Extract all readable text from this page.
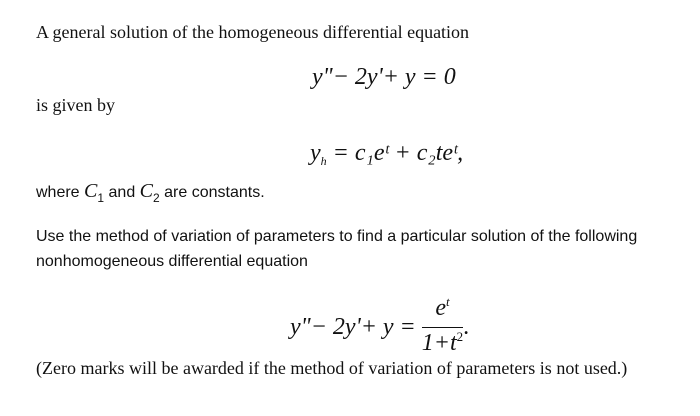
A general solution of the homogeneous differential equation
y"− 2y'+ y = 0
is given by
$y_h$ = c₁eᵗ + c₂teᵗ,
where $C_1$ and $C_2$ are constants.
Use the method of variation of parameters to find a particular solution of the following
nonhomogeneous differential equation
y"− $2y'+ y = \frac{e^t}{1+t^2}$ .
(Zero marks will be awarded if the method of variation of parameters is not used.)
